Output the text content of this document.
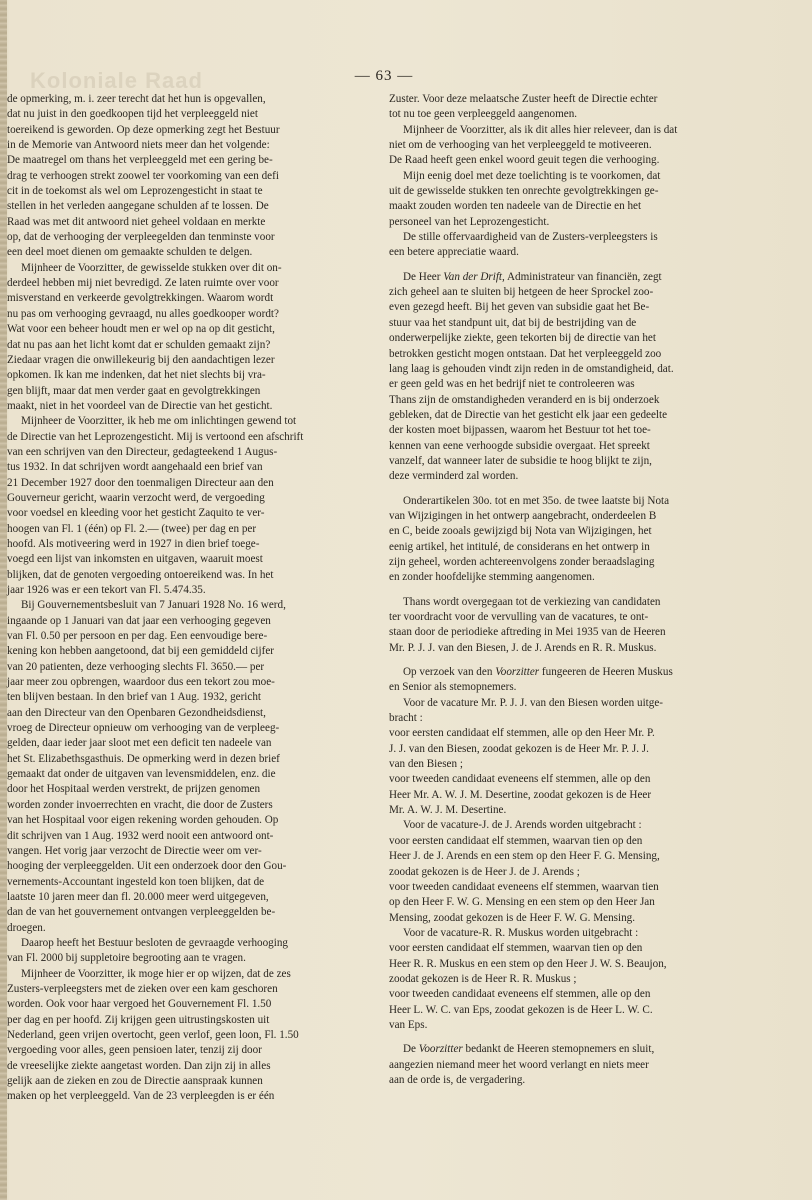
Koloniale Raad	— 63 —

de opmerking, m. i. zeer terecht dat het hun is opgevallen,
dat nu juist in den goedkoopen tijd het verpleeggeld niet
toereikend is geworden. Op deze opmerking zegt het Bestuur
in de Memorie van Antwoord niets meer dan het volgende:
De maatregel om thans het verpleeggeld met een gering be-
drag te verhoogen strekt zoowel ter voorkoming van een defi
cit in de toekomst als wel om Leprozengesticht in staat te
stellen in het verleden aangegane schulden af te lossen. De
Raad was met dit antwoord niet geheel voldaan en merkte
op, dat de verhooging der verpleegelden dan tenminste voor
een deel moet dienen om gemaakte schulden te delgen.

Mijnheer de Voorzitter, de gewisselde stukken over dit on-
derdeel hebben mij niet bevredigd. Ze laten ruimte over voor
misverstand en verkeerde gevolgtrekkingen. Waarom wordt
nu pas om verhooging gevraagd, nu alles goedkooper wordt?
Wat voor een beheer houdt men er wel op na op dit gesticht,
dat nu pas aan het licht komt dat er schulden gemaakt zijn?
Ziedaar vragen die onwillekeurig bij den aandachtigen lezer
opkomen. Ik kan me indenken, dat het niet slechts bij vra-
gen blijft, maar dat men verder gaat en gevolgtrekkingen
maakt, niet in het voordeel van de Directie van het gesticht.

Mijnheer de Voorzitter, ik heb me om inlichtingen gewend tot
de Directie van het Leprozengesticht. Mij is vertoond een afschrift
van een schrijven van den Directeur, gedagteekend 1 Augus-
tus 1932. In dat schrijven wordt aangehaald een brief van
21 December 1927 door den toenmaligen Directeur aan den
Gouverneur gericht, waarin verzocht werd, de vergoeding
voor voedsel en kleeding voor het gesticht Zaquito te ver-
hoogen van Fl. 1 (één) op Fl. 2.— (twee) per dag en per
hoofd. Als motiveering werd in 1927 in dien brief toege-
voegd een lijst van inkomsten en uitgaven, waaruit moest
blijken, dat de genoten vergoeding ontoereikend was. In het
jaar 1926 was er een tekort van Fl. 5.474.35.

Bij Gouvernementsbesluit van 7 Januari 1928 No. 16 werd,
ingaande op 1 Januari van dat jaar een verhooging gegeven
van Fl. 0.50 per persoon en per dag. Een eenvoudige bere-
kening kon hebben aangetoond, dat bij een gemiddeld cijfer
van 20 patienten, deze verhooging slechts Fl. 3650.— per
jaar meer zou opbrengen, waardoor dus een tekort zou moe-
ten blijven bestaan. In den brief van 1 Aug. 1932, gericht
aan den Directeur van den Openbaren Gezondheidsdienst,
vroeg de Directeur opnieuw om verhooging van de verpleeg-
gelden, daar ieder jaar sloot met een deficit ten nadeele van
het St. Elizabethsgasthuis. De opmerking werd in dezen brief
gemaakt dat onder de uitgaven van levensmiddelen, enz. die
door het Hospitaal werden verstrekt, de prijzen genomen
worden zonder invoerrechten en vracht, die door de Zusters
van het Hospitaal voor eigen rekening worden gehouden. Op
dit schrijven van 1 Aug. 1932 werd nooit een antwoord ont-
vangen. Het vorig jaar verzocht de Directie weer om ver-
hooging der verpleeggelden. Uit een onderzoek door den Gou-
vernements-Accountant ingesteld kon toen blijken, dat de
laatste 10 jaren meer dan fl. 20.000 meer werd uitgegeven,
dan de van het gouvernement ontvangen verpleeggelden be-
droegen.

Daarop heeft het Bestuur besloten de gevraagde verhooging
van Fl. 2000 bij suppletoire begrooting aan te vragen.

Mijnheer de Voorzitter, ik moge hier er op wijzen, dat de zes
Zusters-verpleegsters met de zieken over een kam geschoren
worden. Ook voor haar vergoed het Gouvernement Fl. 1.50
per dag en per hoofd. Zij krijgen geen uitrustingskosten uit
Nederland, geen vrijen overtocht, geen verlof, geen loon, Fl. 1.50
vergoeding voor alles, geen pensioen later, tenzij zij door
de vreeselijke ziekte aangetast worden. Dan zijn zij in alles
gelijk aan de zieken en zou de Directie aanspraak kunnen
maken op het verpleeggeld. Van de 23 verpleegden is er één

Zuster. Voor deze melaatsche Zuster heeft de Directie echter
tot nu toe geen verpleeggeld aangenomen.

Mijnheer de Voorzitter, als ik dit alles hier releveer, dan is dat
niet om de verhooging van het verpleeggeld te motiveeren.
De Raad heeft geen enkel woord geuit tegen die verhooging.

Mijn eenig doel met deze toelichting is te voorkomen, dat
uit de gewisselde stukken ten onrechte gevolgtrekkingen ge-
maakt zouden worden ten nadeele van de Directie en het
personeel van het Leprozengesticht.

De stille offervaardigheid van de Zusters-verpleegsters is
een betere appreciatie waard.

De Heer Van der Drift, Administrateur van financiën, zegt
zich geheel aan te sluiten bij hetgeen de heer Sprockel zoo-
even gezegd heeft. Bij het geven van subsidie gaat het Be-
stuur vaa het standpunt uit, dat bij de bestrijding van de
onderwerpelijke ziekte, geen tekorten bij de directie van het
betrokken gesticht mogen ontstaan. Dat het verpleeggeld zoo
lang laag is gehouden vindt zijn reden in de omstandigheid, dat.
er geen geld was en het bedrijf niet te controleeren was
Thans zijn de omstandigheden veranderd en is bij onderzoek
gebleken, dat de Directie van het gesticht elk jaar een gedeelte
der kosten moet bijpassen, waarom het Bestuur tot het toe-
kennen van eene verhoogde subsidie overgaat. Het spreekt
vanzelf, dat wanneer later de subsidie te hoog blijkt te zijn,
deze verminderd zal worden.

Onderartikelen 30o. tot en met 35o. de twee laatste bij Nota
van Wijzigingen in het ontwerp aangebracht, onderdeelen B
en C, beide zooals gewijzigd bij Nota van Wijzigingen, het
eenig artikel, het intitulé, de considerans en het ontwerp in
zijn geheel, worden achtereenvolgens zonder beraadslaging
en zonder hoofdelijke stemming aangenomen.

Thans wordt overgegaan tot de verkiezing van candidaten
ter voordracht voor de vervulling van de vacatures, te ont-
staan door de periodieke aftreding in Mei 1935 van de Heeren
Mr. P. J. J. van den Biesen, J. de J. Arends en R. R. Muskus.

Op verzoek van den Voorzitter fungeeren de Heeren Muskus
en Senior als stemopnemers.

Voor de vacature Mr. P. J. J. van den Biesen worden uitge-
bracht :
voor eersten candidaat elf stemmen, alle op den Heer Mr. P.
J. J. van den Biesen, zoodat gekozen is de Heer Mr. P. J. J.
van den Biesen ;
voor tweeden candidaat eveneens elf stemmen, alle op den
Heer Mr. A. W. J. M. Desertine, zoodat gekozen is de Heer
Mr. A. W. J. M. Desertine.

Voor de vacature-J. de J. Arends worden uitgebracht :
voor eersten candidaat elf stemmen, waarvan tien op den
Heer J. de J. Arends en een stem op den Heer F. G. Mensing,
zoodat gekozen is de Heer J. de J. Arends ;
voor tweeden candidaat eveneens elf stemmen, waarvan tien
op den Heer F. W. G. Mensing en een stem op den Heer Jan
Mensing, zoodat gekozen is de Heer F. W. G. Mensing.

Voor de vacature-R. R. Muskus worden uitgebracht :
voor eersten candidaat elf stemmen, waarvan tien op den
Heer R. R. Muskus en een stem op den Heer J. W. S. Beaujon,
zoodat gekozen is de Heer R. R. Muskus ;
voor tweeden candidaat eveneens elf stemmen, alle op den
Heer L. W. C. van Eps, zoodat gekozen is de Heer L. W. C.
van Eps.

De Voorzitter bedankt de Heeren stemopnemers en sluit,
aangezien niemand meer het woord verlangt en niets meer
aan de orde is, de vergadering.
